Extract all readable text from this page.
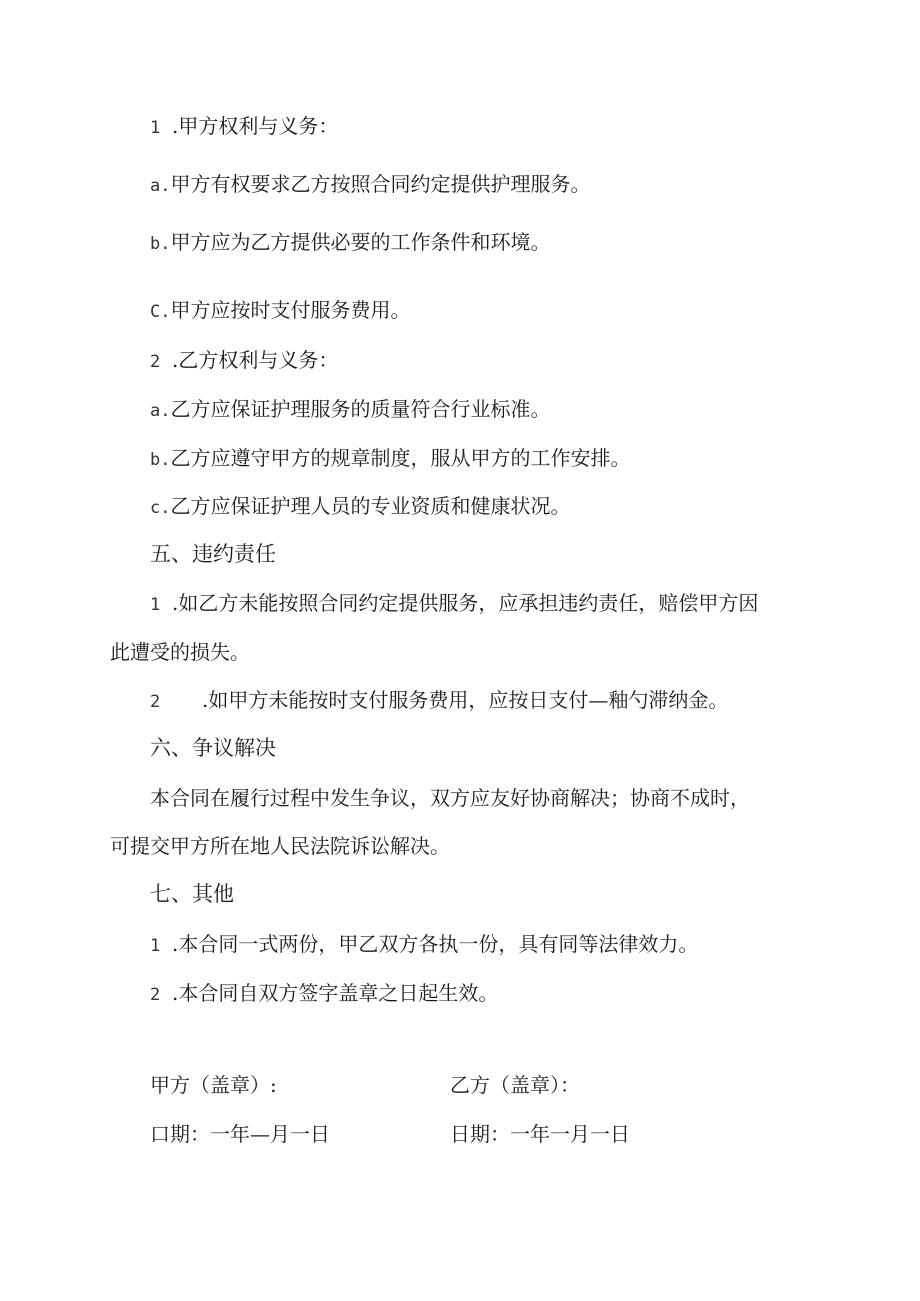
1 .甲方权利与义务：
a.甲方有权要求乙方按照合同约定提供护理服务。
b.甲方应为乙方提供必要的工作条件和环境。
C.甲方应按时支付服务费用。
2 .乙方权利与义务：
a.乙方应保证护理服务的质量符合行业标准。
b.乙方应遵守甲方的规章制度，服从甲方的工作安排。
c.乙方应保证护理人员的专业资质和健康状况。
五、违约责任
1 .如乙方未能按照合同约定提供服务，应承担违约责任，赔偿甲方因
此遭受的损失。
2 .如甲方未能按时支付服务费用，应按日支付—釉勺滞纳金。
六、争议解决
本合同在履行过程中发生争议，双方应友好协商解决；协商不成时，
可提交甲方所在地人民法院诉讼解决。
七、其他
1 .本合同一式两份，甲乙双方各执一份，具有同等法律效力。
2 .本合同自双方签字盖章之日起生效。
甲方（盖章）:	乙方（盖章）：
口期：一年—月一日	日期：一年一月一日
